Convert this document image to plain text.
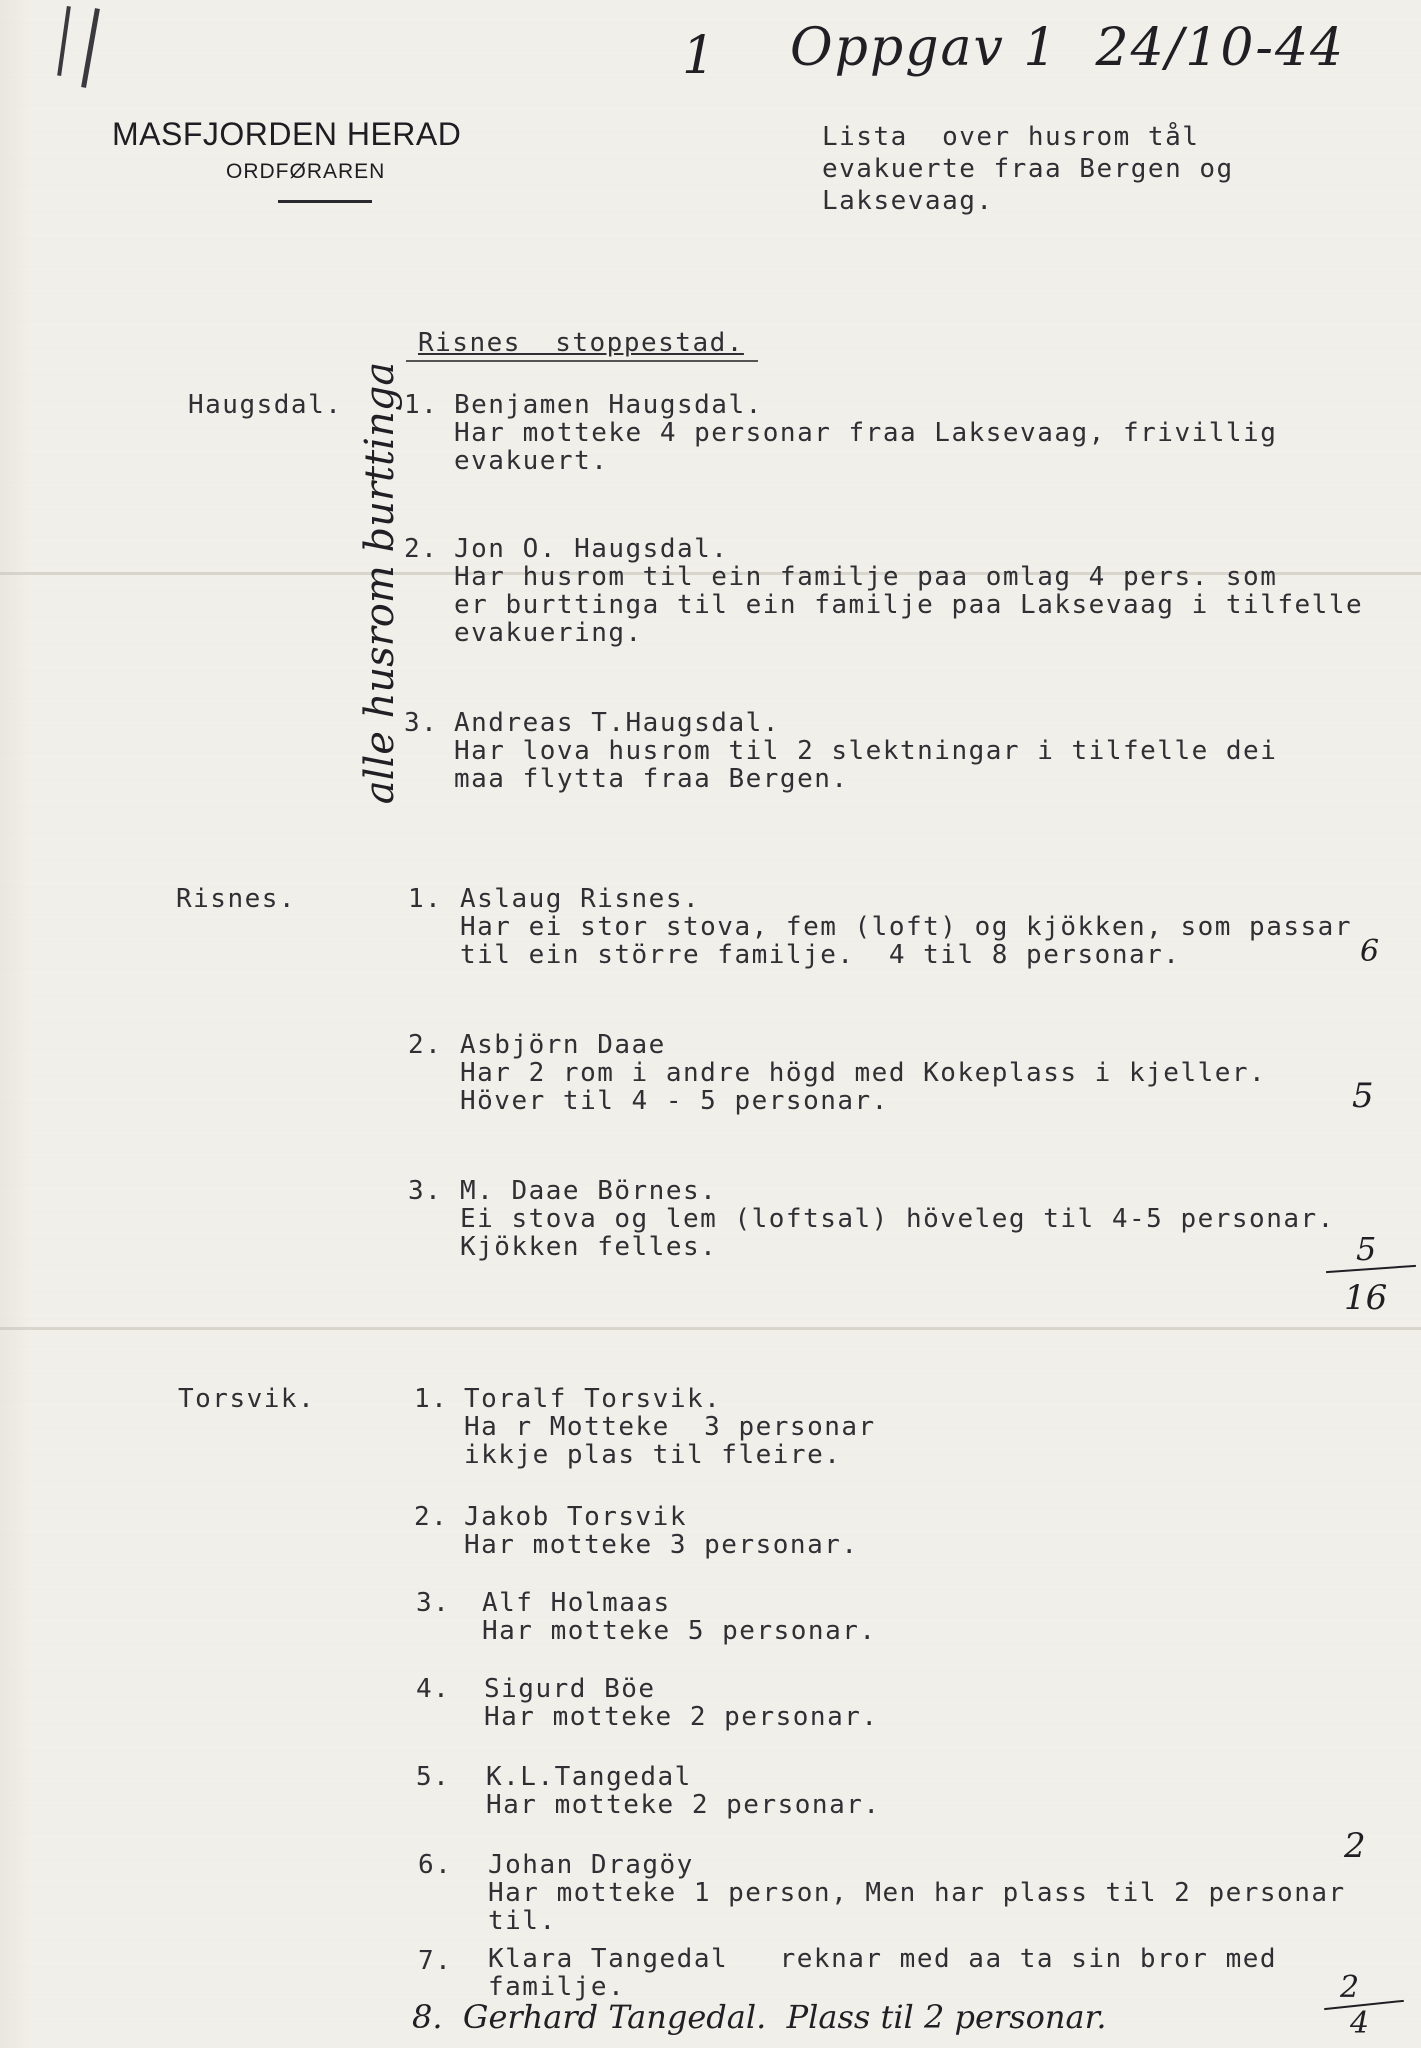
MASFJORDEN HERAD
ORDFØRAREN
Lista  over husrom tål
evakuerte fraa Bergen og
Laksevaag.
1 Oppgav 1  24/10-44
Risnes  stoppestad.
alle husrom burttinga
Haugsdal. 1. Benjamen Haugsdal.
Har motteke 4 personar fraa Laksevaag, frivillig
evakuert.
2. Jon O. Haugsdal.
Har husrom til ein familje paa omlag 4 pers. som
er burttinga til ein familje paa Laksevaag i tilfelle
evakuering.
3. Andreas T.Haugsdal.
Har lova husrom til 2 slektningar i tilfelle dei
maa flytta fraa Bergen.
Risnes.	1. Aslaug Risnes.
Har ei stor stova, fem (loft) og kjökken, som passar
til ein större familje.  4 til 8 personar.	6
2. Asbjörn Daae
Har 2 rom i andre högd med Kokeplass i kjeller.
Höver til 4 - 5 personar.	5
3. M. Daae Börnes.
Ei stova og lem (loftsal) höveleg til 4-5 personar.
Kjökken felles.	5
16
Torsvik.	1. Toralf Torsvik.
Ha r Motteke  3 personar
ikkje plas til fleire.
2. Jakob Torsvik
Har motteke 3 personar.
3. Alf Holmaas
Har motteke 5 personar.
4. Sigurd Böe
Har motteke 2 personar.
5. K.L.Tangedal
Har motteke 2 personar.
6. Johan Dragöy
Har motteke 1 person, Men har plass til 2 personar
til.
2
7. Klara Tangedal   reknar med aa ta sin bror med
familje.
8.  Gerhard Tangedal.  Plass til 2 personar.
2
4
